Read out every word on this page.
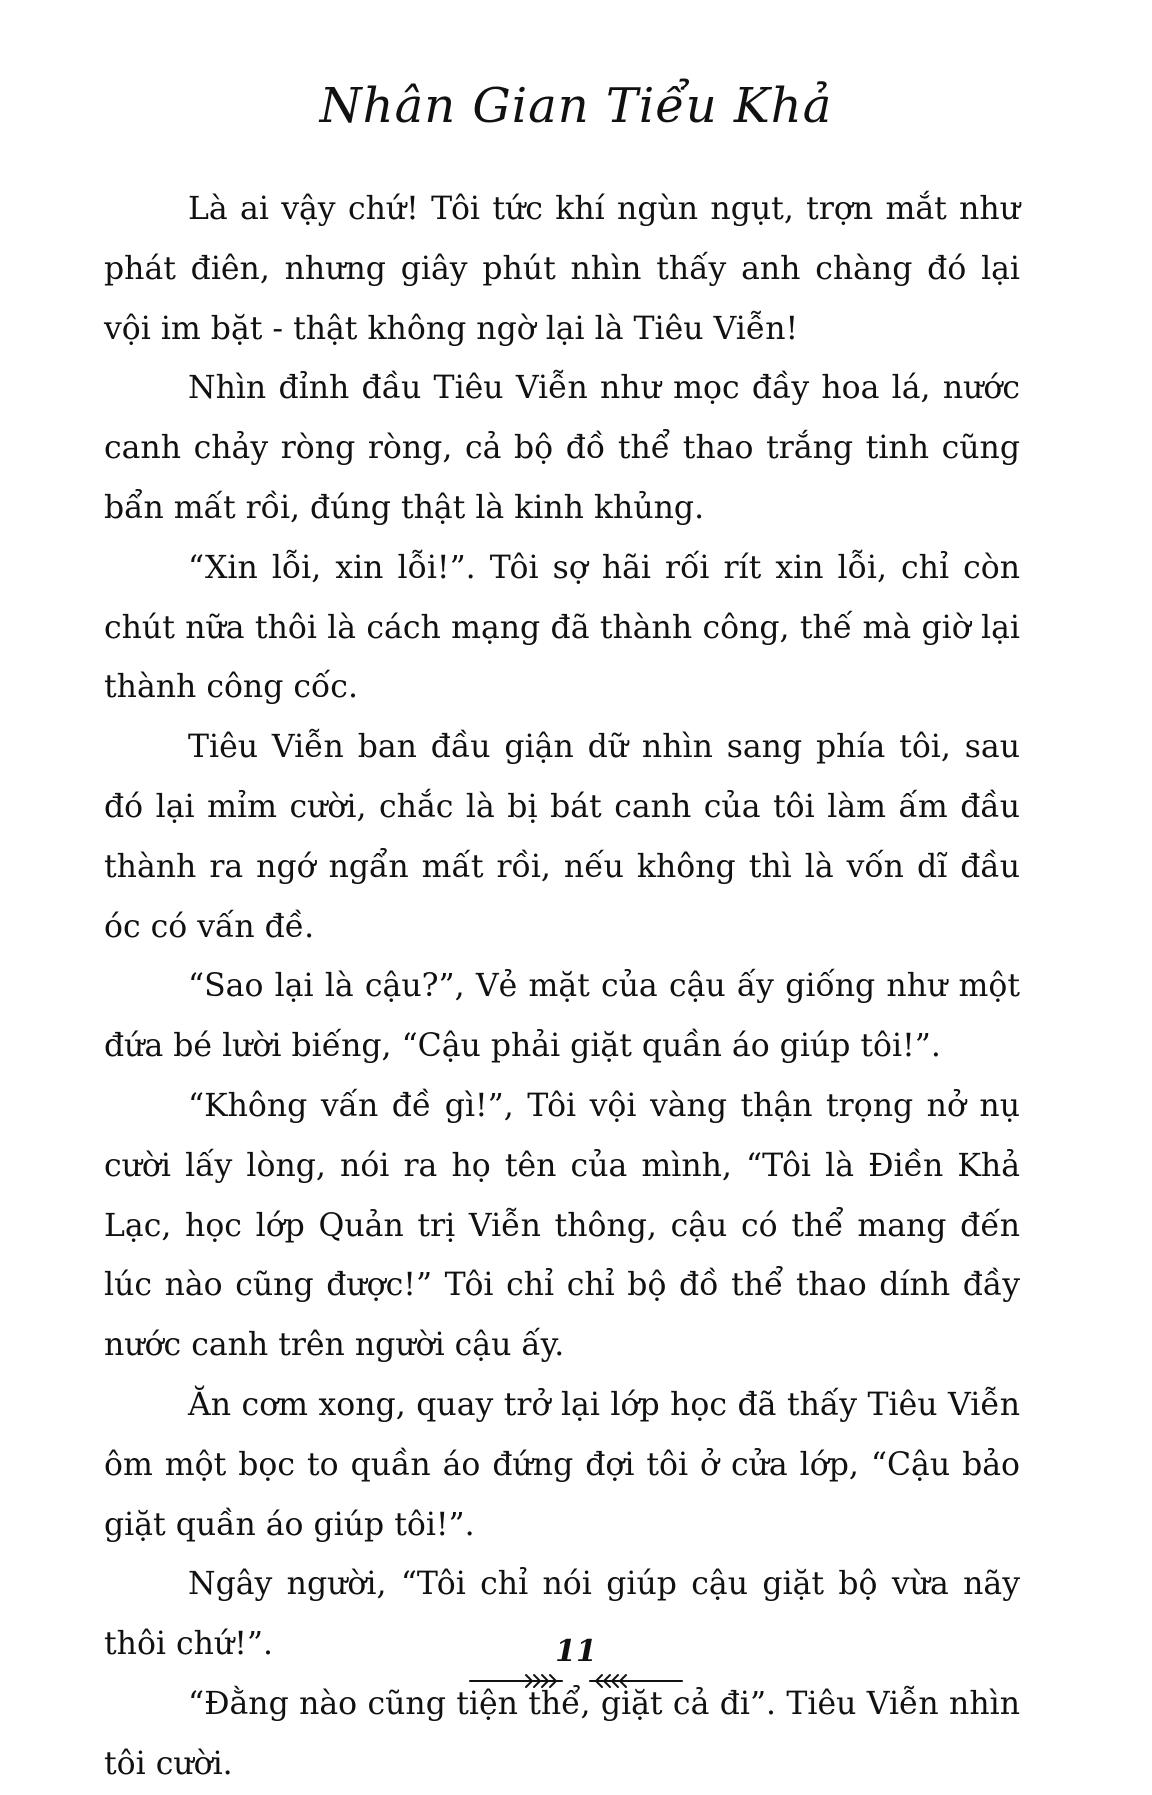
Nhân Gian Tiểu Khả

Là ai vậy chứ! Tôi tức khí ngùn ngụt, trợn mắt như phát điên, nhưng giây phút nhìn thấy anh chàng đó lại vội im bặt - thật không ngờ lại là Tiêu Viễn!

Nhìn đỉnh đầu Tiêu Viễn như mọc đầy hoa lá, nước canh chảy ròng ròng, cả bộ đồ thể thao trắng tinh cũng bẩn mất rồi, đúng thật là kinh khủng.

“Xin lỗi, xin lỗi!”. Tôi sợ hãi rối rít xin lỗi, chỉ còn chút nữa thôi là cách mạng đã thành công, thế mà giờ lại thành công cốc.

Tiêu Viễn ban đầu giận dữ nhìn sang phía tôi, sau đó lại mỉm cười, chắc là bị bát canh của tôi làm ấm đầu thành ra ngớ ngẩn mất rồi, nếu không thì là vốn dĩ đầu óc có vấn đề.

“Sao lại là cậu?”, Vẻ mặt của cậu ấy giống như một đứa bé lười biếng, “Cậu phải giặt quần áo giúp tôi!”.

“Không vấn đề gì!”, Tôi vội vàng thận trọng nở nụ cười lấy lòng, nói ra họ tên của mình, “Tôi là Điền Khả Lạc, học lớp Quản trị Viễn thông, cậu có thể mang đến lúc nào cũng được!” Tôi chỉ chỉ bộ đồ thể thao dính đầy nước canh trên người cậu ấy.

Ăn cơm xong, quay trở lại lớp học đã thấy Tiêu Viễn ôm một bọc to quần áo đứng đợi tôi ở cửa lớp, “Cậu bảo giặt quần áo giúp tôi!”.

Ngây người, “Tôi chỉ nói giúp cậu giặt bộ vừa nãy thôi chứ!”.

“Đằng nào cũng tiện thể, giặt cả đi”. Tiêu Viễn nhìn tôi cười.

11
